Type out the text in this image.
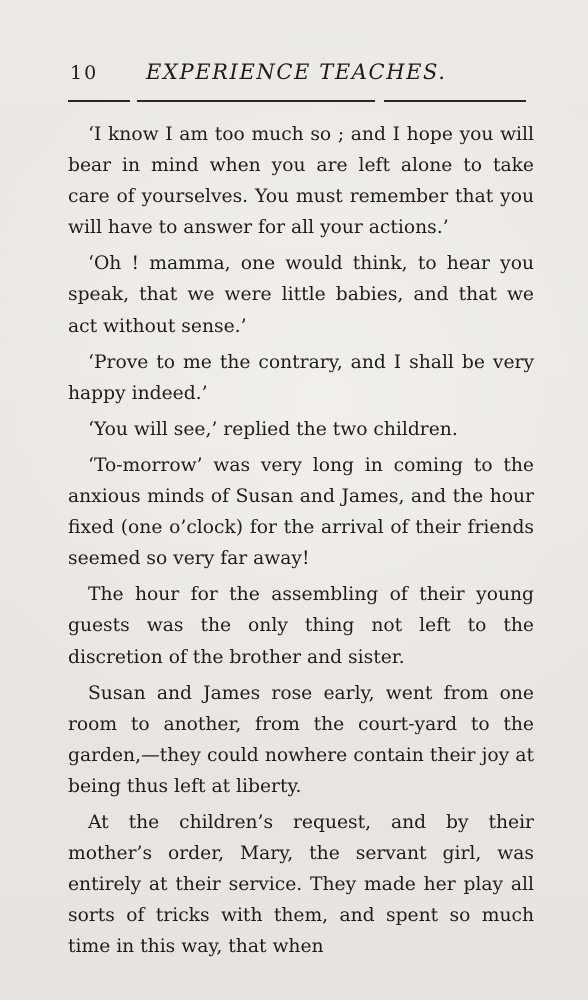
10 EXPERIENCE TEACHES.

‘I know I am too much so ; and I hope you will bear in mind when you are left alone to take care of yourselves. You must remember that you will have to answer for all your actions.’

‘Oh ! mamma, one would think, to hear you speak, that we were little babies, and that we act without sense.’

‘Prove to me the contrary, and I shall be very happy indeed.’

‘You will see,’ replied the two children.

‘To-morrow’ was very long in coming to the anxious minds of Susan and James, and the hour fixed (one o’clock) for the arrival of their friends seemed so very far away!

The hour for the assembling of their young guests was the only thing not left to the discretion of the brother and sister.

Susan and James rose early, went from one room to another, from the court-yard to the garden,—they could nowhere contain their joy at being thus left at liberty.

At the children’s request, and by their mother’s order, Mary, the servant girl, was entirely at their service. They made her play all sorts of tricks with them, and spent so much time in this way, that when
